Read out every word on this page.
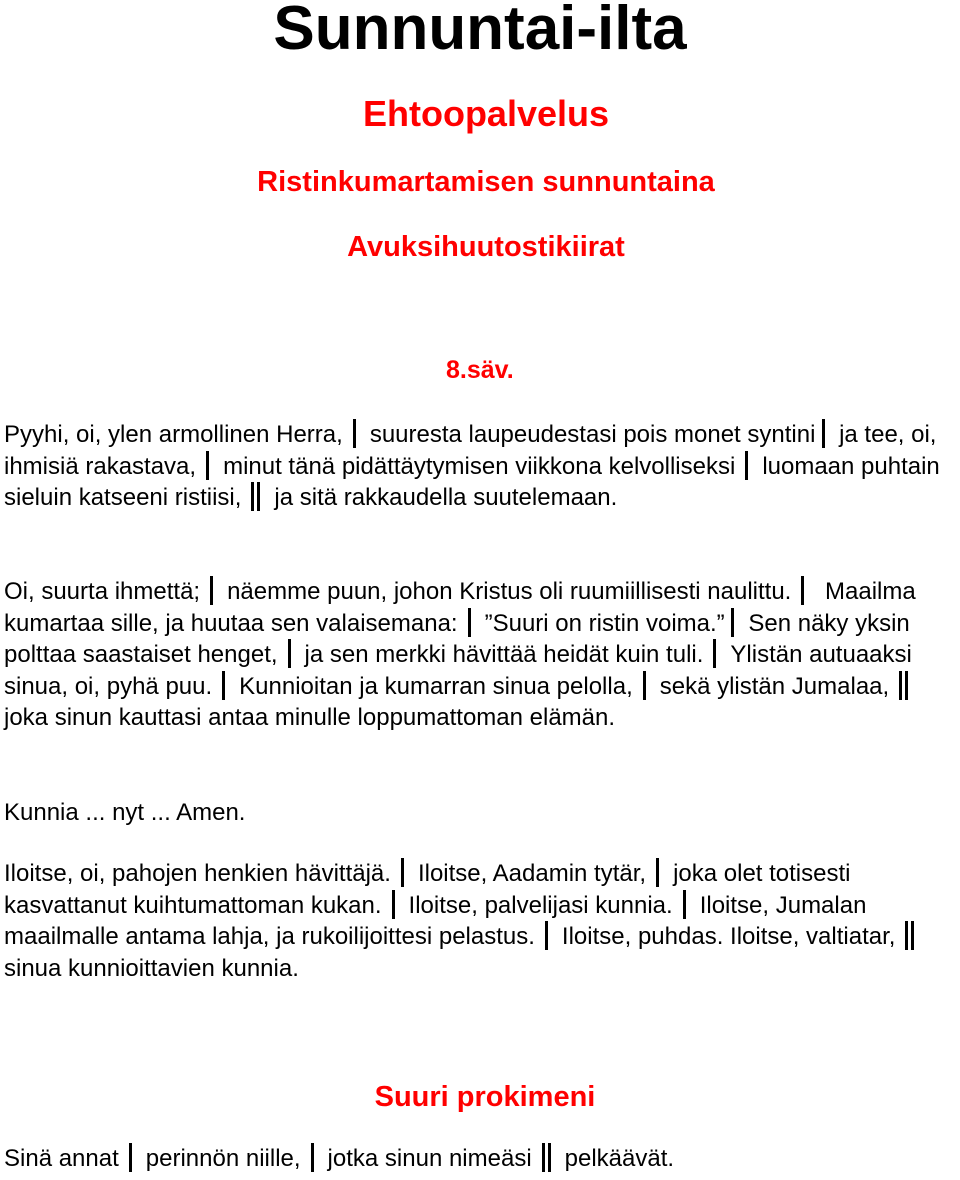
Sunnuntai-ilta
Ehtoopalvelus
Ristinkumartamisen sunnuntaina
Avuksihuutostikiirat
8.säv.
Pyyhi, oi, ylen armollinen Herra, suuresta laupeudestasi pois monet syntini ja tee, oi, ihmisiä rakastava, minut tänä pidättäytymisen viikkona kelvolliseksi luomaan puhtain sieluin katseeni ristiisi, ja sitä rakkaudella suutelemaan.
Oi, suurta ihmettä; näemme puun, johon Kristus oli ruumiillisesti naulittu. Maailma kumartaa sille, ja huutaa sen valaisemana: ”Suuri on ristin voima.” Sen näky yksin polttaa saastaiset henget, ja sen merkki hävittää heidät kuin tuli. Ylistän autuaaksi sinua, oi, pyhä puu. Kunnioitan ja kumarran sinua pelolla, sekä ylistän Jumalaa,joka sinun kauttasi antaa minulle loppumattoman elämän.
Kunnia ... nyt ... Amen.
Iloitse, oi, pahojen henkien hävittäjä. Iloitse, Aadamin tytär, joka olet totisesti kasvattanut kuihtumattoman kukan. Iloitse, palvelijasi kunnia. Iloitse, Jumalan maailmalle antama lahja, ja rukoilijoittesi pelastus. Iloitse, puhdas. Iloitse, valtiatar,sinua kunnioittavien kunnia.
Suuri prokimeni
Sinä annat perinnön niille, jotka sinun nimeäsi pelkäävät.
